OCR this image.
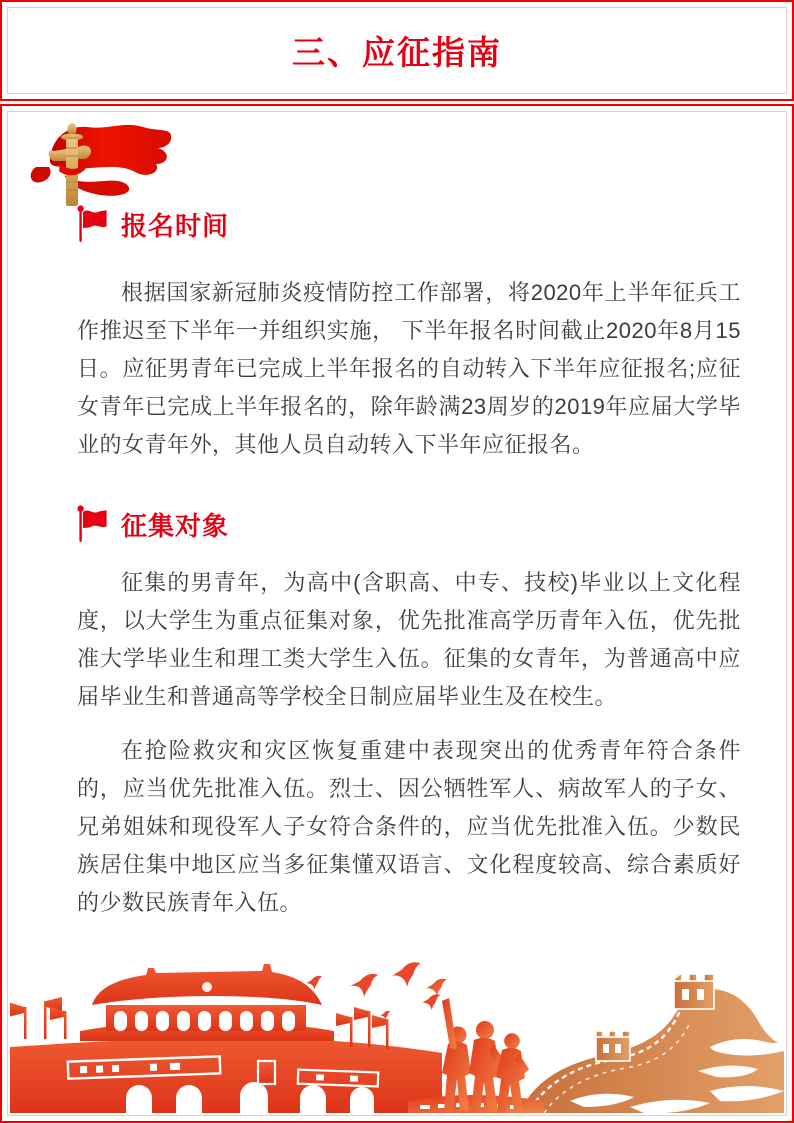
三、应征指南
报名时间

根据国家新冠肺炎疫情防控工作部署，将2020年上半年征兵工作推迟至下半年一并组织实施， 下半年报名时间截止2020年8月15日。应征男青年已完成上半年报名的自动转入下半年应征报名;应征女青年已完成上半年报名的，除年龄满23周岁的2019年应届大学毕业的女青年外，其他人员自动转入下半年应征报名。

征集对象

征集的男青年，为高中(含职高、中专、技校)毕业以上文化程度，以大学生为重点征集对象，优先批准高学历青年入伍，优先批准大学毕业生和理工类大学生入伍。征集的女青年，为普通高中应届毕业生和普通高等学校全日制应届毕业生及在校生。

在抢险救灾和灾区恢复重建中表现突出的优秀青年符合条件的，应当优先批准入伍。烈士、因公牺牲军人、病故军人的子女、兄弟姐妹和现役军人子女符合条件的，应当优先批准入伍。少数民族居住集中地区应当多征集懂双语言、文化程度较高、综合素质好的少数民族青年入伍。
